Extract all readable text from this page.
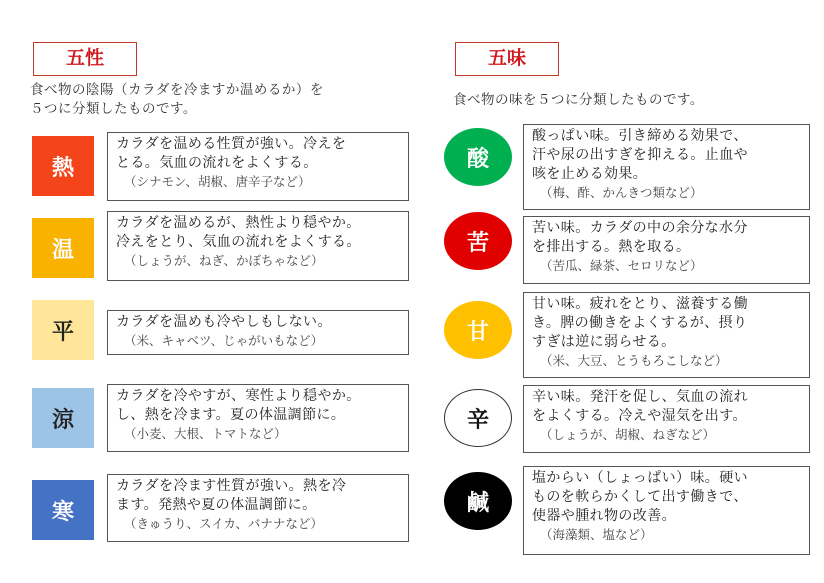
五性
食べ物の陰陽（カラダを冷ますか温めるか）を
５つに分類したものです。
熱
カラダを温める性質が強い。冷えを
とる。気血の流れをよくする。
（シナモン、胡椒、唐辛子など）
温
カラダを温めるが、熱性より穏やか。
冷えをとり、気血の流れをよくする。
（しょうが、ねぎ、かぼちゃなど）
平	カラダを温めも冷やしもしない。
（米、キャベツ、じゃがいもなど）
涼
カラダを冷やすが、寒性より穏やか。
し、熱を冷ます。夏の体温調節に。
（小麦、大根、トマトなど）
寒
カラダを冷ます性質が強い。熱を冷
ます。発熱や夏の体温調節に。
（きゅうり、スイカ、バナナなど）
五味
食べ物の味を５つに分類したものです。
酸
酸っぱい味。引き締める効果で、
汗や尿の出すぎを抑える。止血や
咳を止める効果。
（梅、酢、かんきつ類など）
苦
苦い味。カラダの中の余分な水分
を排出する。熱を取る。
（苦瓜、緑茶、セロリなど）
甘
甘い味。疲れをとり、滋養する働
き。脾の働きをよくするが、摂り
すぎは逆に弱らせる。
（米、大豆、とうもろこしなど）
辛
辛い味。発汗を促し、気血の流れ
をよくする。冷えや湿気を出す。
（しょうが、胡椒、ねぎなど）
鹹
塩からい（しょっぱい）味。硬い
ものを軟らかくして出す働きで、
使器や腫れ物の改善。
（海藻類、塩など）
